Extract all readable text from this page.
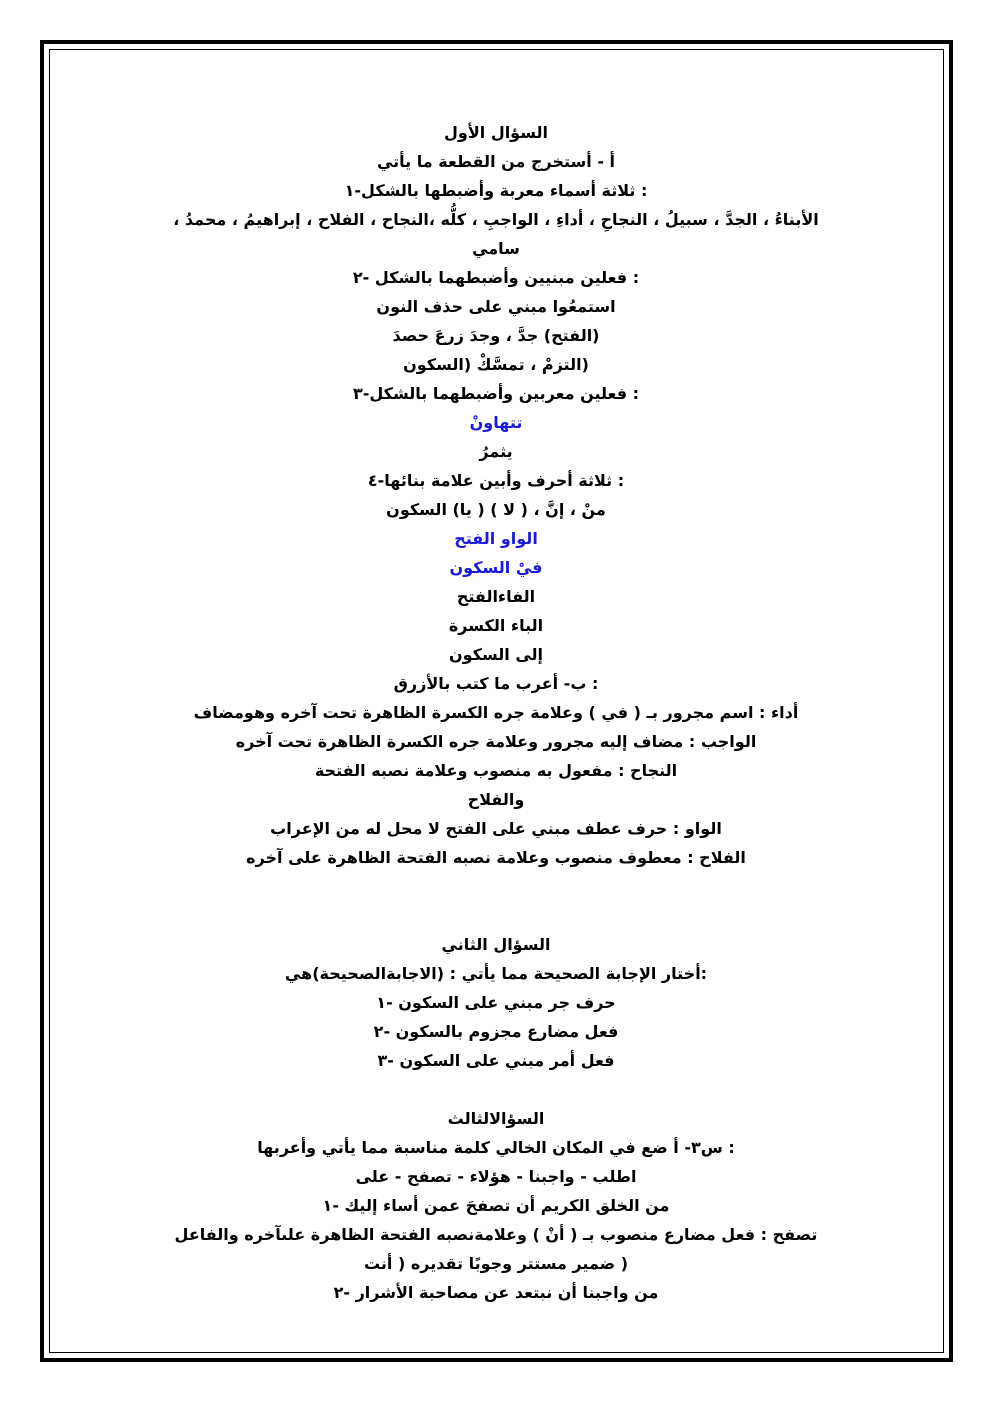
السؤال الأول
أ - أستخرج من القطعة ما يأتي
: ثلاثة أسماء معربة وأضبطها بالشكل-١
الأبناءُ ، الجدَّ ، سبيلُ ، النجاحِ ، أداءِ ، الواجبِ ، كلُّه ،النجاح ، الفلاح ، إبراهيمُ ، محمدُ ،
سامي
: فعلين مبنيين وأضبطهما بالشكل -٢
استمعُوا مبني على حذف النون
(الفتح) جدَّ ، وجدَ زرعَ حصدَ
(التزمْ ، تمسَّكْ (السكون
: فعلين معربين وأضبطهما بالشكل-٣
تتهاونْ
يثمرُ
: ثلاثة أحرف وأبين علامة بنائها-٤
منْ ، إنَّ ، ( لا ) ( يا) السكون
الواو الفتح
فيْ السكون
الفاءالفتح
الباء الكسرة
إلى السكون
: ب- أعرب ما كتب بالأزرق
أداء : اسم مجرور بـ ( في ) وعلامة جره الكسرة الظاهرة تحت آخره وهومضاف
الواجب : مضاف إليه مجرور وعلامة جره الكسرة الظاهرة تحت آخره
النجاح : مفعول به منصوب وعلامة نصبه الفتحة
والفلاح
الواو : حرف عطف مبني على الفتح لا محل له من الإعراب
الفلاح : معطوف منصوب وعلامة نصبه الفتحة الظاهرة على آخره
السؤال الثاني
:أختار الإجابة الصحيحة مما يأتي : (الاجابةالصحيحة)هي
حرف جر مبني على السكون -١
فعل مضارع مجزوم بالسكون -٢
فعل أمر مبني على السكون -٣
السؤالالثالث
: س٣- أ ضع في المكان الخالي كلمة مناسبة مما يأتي وأعربها
اطلب - واجبنا - هؤلاء - تصفح - على
من الخلق الكريم أن تصفحَ عمن أساء إليك -١
تصفح : فعل مضارع منصوب بـ ( أنْ ) وعلامةنصبه الفتحة الظاهرة علىآخره والفاعل
( ضمير مستتر وجوبًا تقديره ( أنت
من واجبنا أن نبتعد عن مصاحبة الأشرار -٢
